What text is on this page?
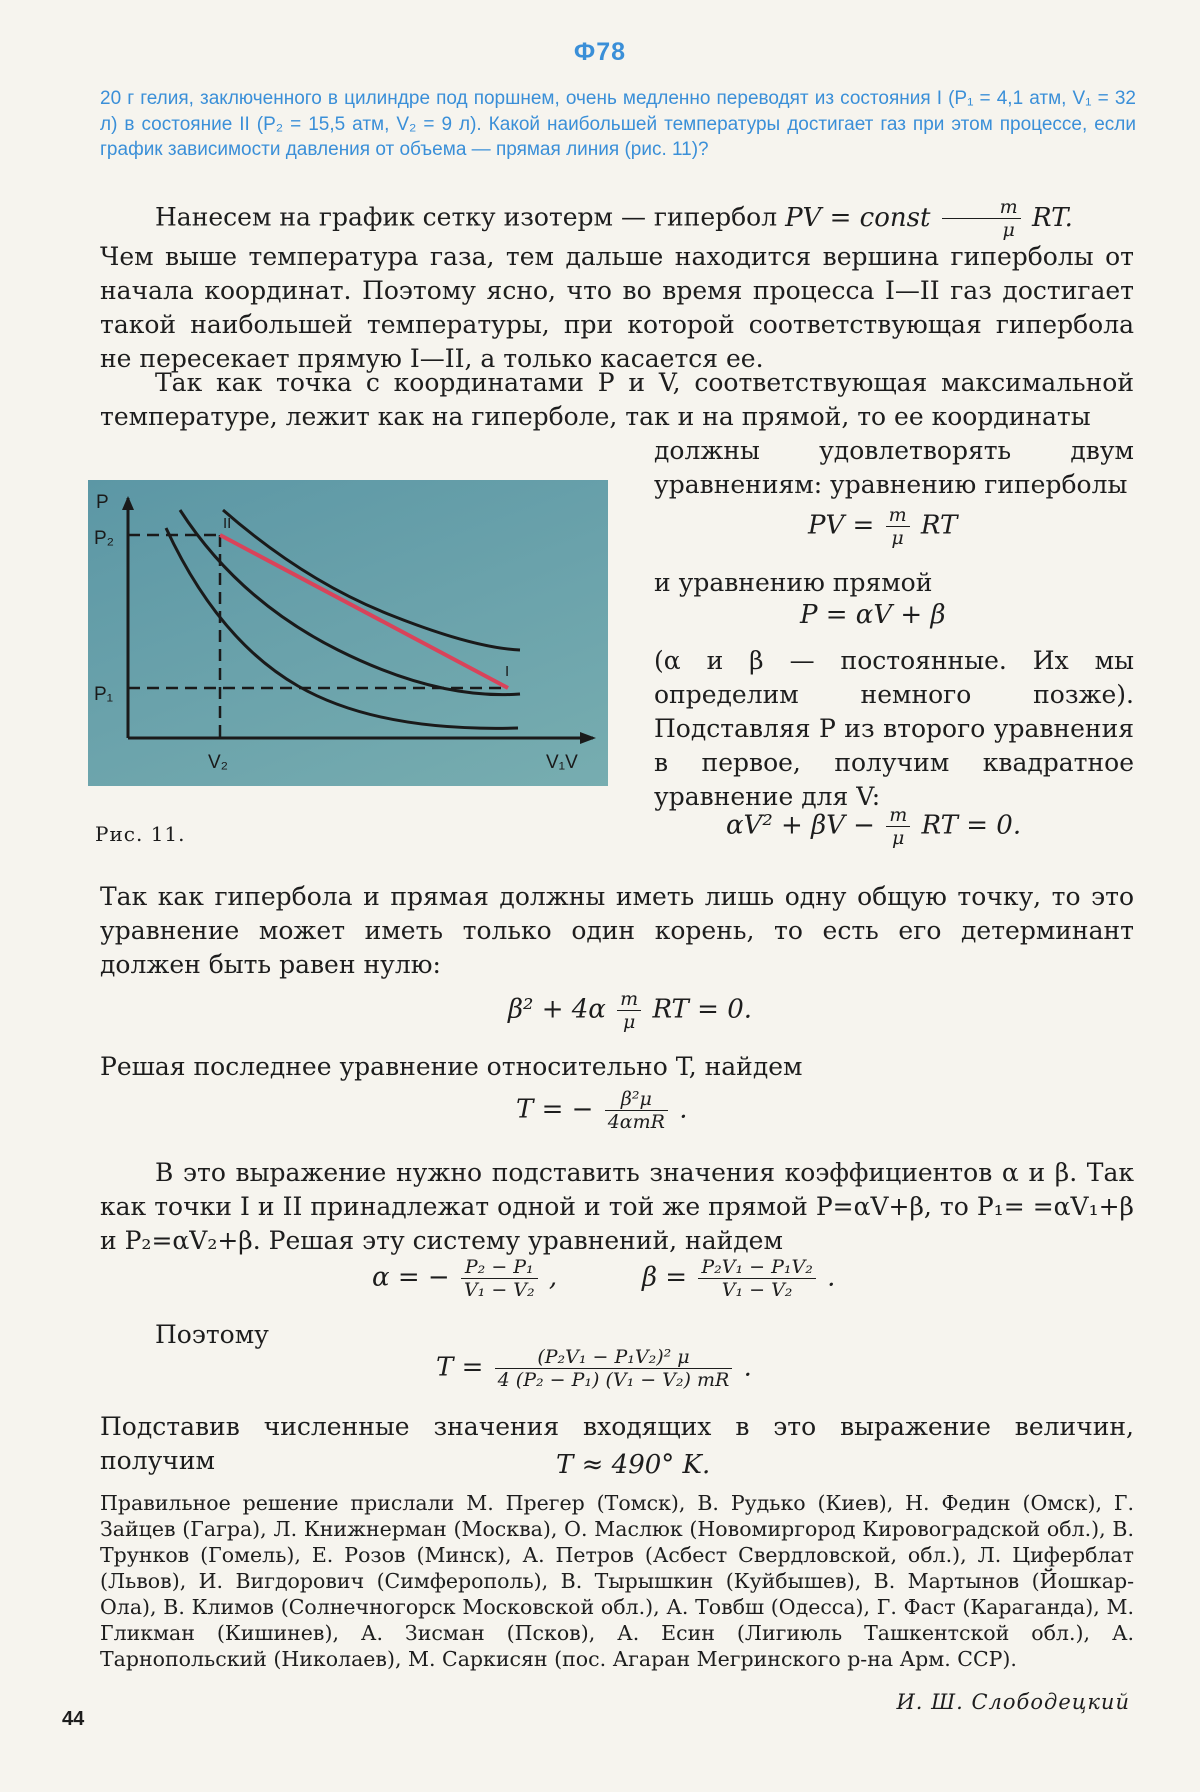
Ф78
20 г гелия, заключенного в цилиндре под поршнем, очень медленно переводят из состояния I (P₁ = 4,1 атм, V₁ = 32 л) в состояние II (P₂ = 15,5 атм, V₂ = 9 л). Какой наибольшей температуры достигает газ при этом процессе, если график зависимости давления от объема — прямая линия (рис. 11)?
Нанесем на график сетку изотерм — гипербол PV = const $\frac{m}{\mu}$ RT.
Чем выше температура газа, тем дальше находится вершина гиперболы от начала координат. Поэтому ясно, что во время процесса I—II газ достигает такой наибольшей температуры, при которой соответствующая гипербола не пересекает прямую I—II, а только касается ее.
Так как точка с координатами P и V, соответствующая максимальной температуре, лежит как на гиперболе, так и на прямой, то ее координаты
должны удовлетворять двум уравнениям: уравнению гиперболы
PV = $\frac{m}{\mu}$ RT
и уравнению прямой
P = αV + β
(α и β — постоянные. Их мы определим немного позже). Подставляя P из второго уравнения в первое, получим квадратное уравнение для V:
$\alpha V^2 + \beta V - \frac{m}{\mu}$ RT = 0.
P
P₂
P₁
V₂	V₁V
II
I
Рис. 11.
Так как гипербола и прямая должны иметь лишь одну общую точку, то это уравнение может иметь только один корень, то есть его детерминант должен быть равен нулю:
$\beta^2 + 4\alpha \frac{m}{\mu}$ RT = 0.
Решая последнее уравнение относительно T, найдем
T = − $\frac{\text{β²μ}}{\text{4αmR}}$ .
В это выражение нужно подставить значения коэффициентов α и β. Так как точки I и II принадлежат одной и той же прямой P=αV+β, то P₁= =αV₁+β и P₂=αV₂+β. Решая эту систему уравнений, найдем
α = − $\frac{\text{P₂ − P₁}}{\text{V₁ − V₂}}$ ,	$\beta = \frac{\text{P₂V₁ − P₁V₂}}{\text{V₁ − V₂}}$ .
Поэтому
$T = \frac{\text{(P₂V₁ − P₁V₂)² μ}}{\text{4 (P₂ − P₁) (V₁ − V₂) mR}}$ .
Подставив численные значения входящих в это выражение величин, получим	T ≈ 490° K.
Правильное решение прислали М. Прегер (Томск), В. Рудько (Киев), Н. Федин (Омск), Г. Зайцев (Гагра), Л. Книжнерман (Москва), О. Маслюк (Новомиргород Кировоградской обл.), В. Трунков (Гомель), Е. Розов (Минск), А. Петров (Асбест Свердловской, обл.), Л. Циферблат (Львов), И. Вигдорович (Симферополь), В. Тырышкин (Куйбышев), В. Мартынов (Йошкар-Ола), В. Климов (Солнечногорск Московской обл.), А. Товбш (Одесса), Г. Фаст (Караганда), М. Гликман (Кишинев), А. Зисман (Псков), А. Есин (Лигиюль Ташкентской обл.), А. Тарнопольский (Николаев), М. Саркисян (пос. Агаран Мегринского р-на Арм. ССР).
И. Ш. Слободецкий
44
